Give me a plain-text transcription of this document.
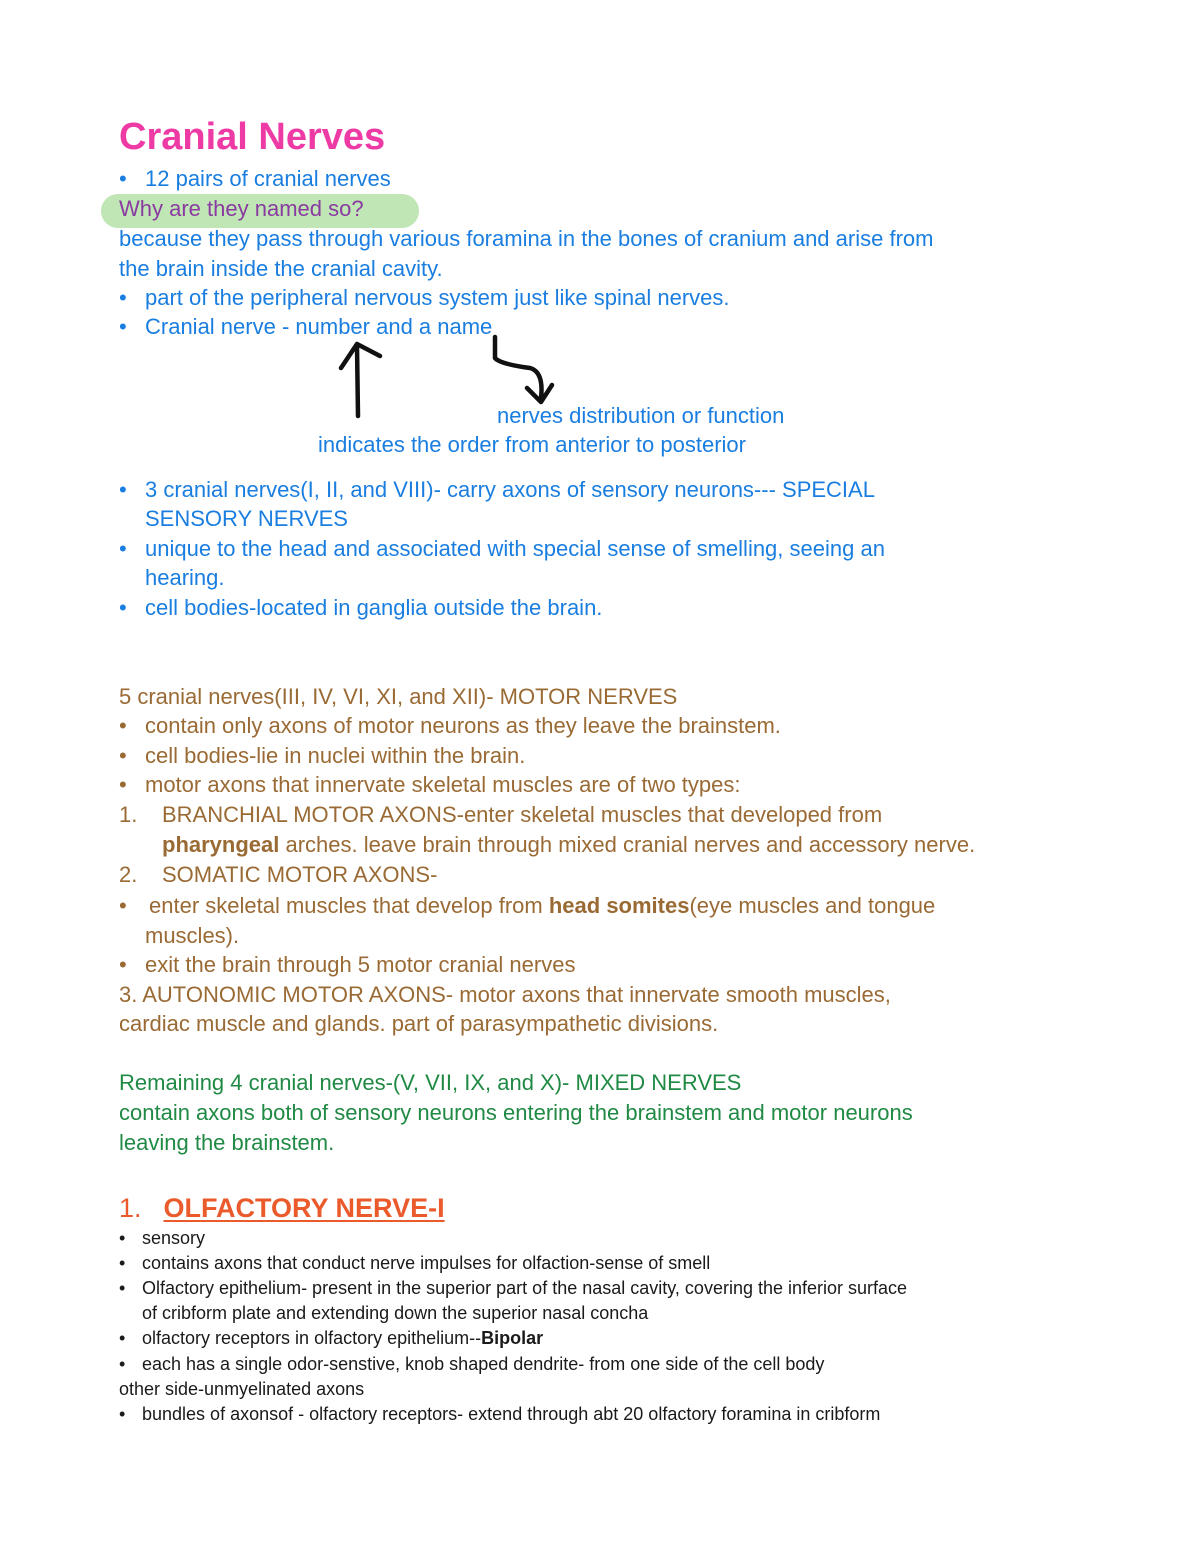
Cranial Nerves
• 12 pairs of cranial nerves
Why are they named so?
because they pass through various foramina in the bones of cranium and arise from
the brain inside the cranial cavity.
• part of the peripheral nervous system just like spinal nerves.
• Cranial nerve - number and a name
nerves distribution or function
indicates the order from anterior to posterior
• 3 cranial nerves(I, II, and VIII)- carry axons of sensory neurons--- SPECIAL
SENSORY NERVES
• unique to the head and associated with special sense of smelling, seeing an
hearing.
• cell bodies-located in ganglia outside the brain.
5 cranial nerves(III, IV, VI, XI, and XII)- MOTOR NERVES
• contain only axons of motor neurons as they leave the brainstem.
• cell bodies-lie in nuclei within the brain.
• motor axons that innervate skeletal muscles are of two types:
1. BRANCHIAL MOTOR AXONS-enter skeletal muscles that developed from
pharyngeal arches. leave brain through mixed cranial nerves and accessory nerve.
2. SOMATIC MOTOR AXONS-
• enter skeletal muscles that develop from head somites(eye muscles and tongue
muscles).
• exit the brain through 5 motor cranial nerves
3. AUTONOMIC MOTOR AXONS- motor axons that innervate smooth muscles,
cardiac muscle and glands. part of parasympathetic divisions.
Remaining 4 cranial nerves-(V, VII, IX, and X)- MIXED NERVES
contain axons both of sensory neurons entering the brainstem and motor neurons
leaving the brainstem.
1. OLFACTORY NERVE-I
• sensory
• contains axons that conduct nerve impulses for olfaction-sense of smell
• Olfactory epithelium- present in the superior part of the nasal cavity, covering the inferior surface
of cribform plate and extending down the superior nasal concha
• olfactory receptors in olfactory epithelium--Bipolar
• each has a single odor-senstive, knob shaped dendrite- from one side of the cell body
other side-unmyelinated axons
• bundles of axonsof - olfactory receptors- extend through abt 20 olfactory foramina in cribform
